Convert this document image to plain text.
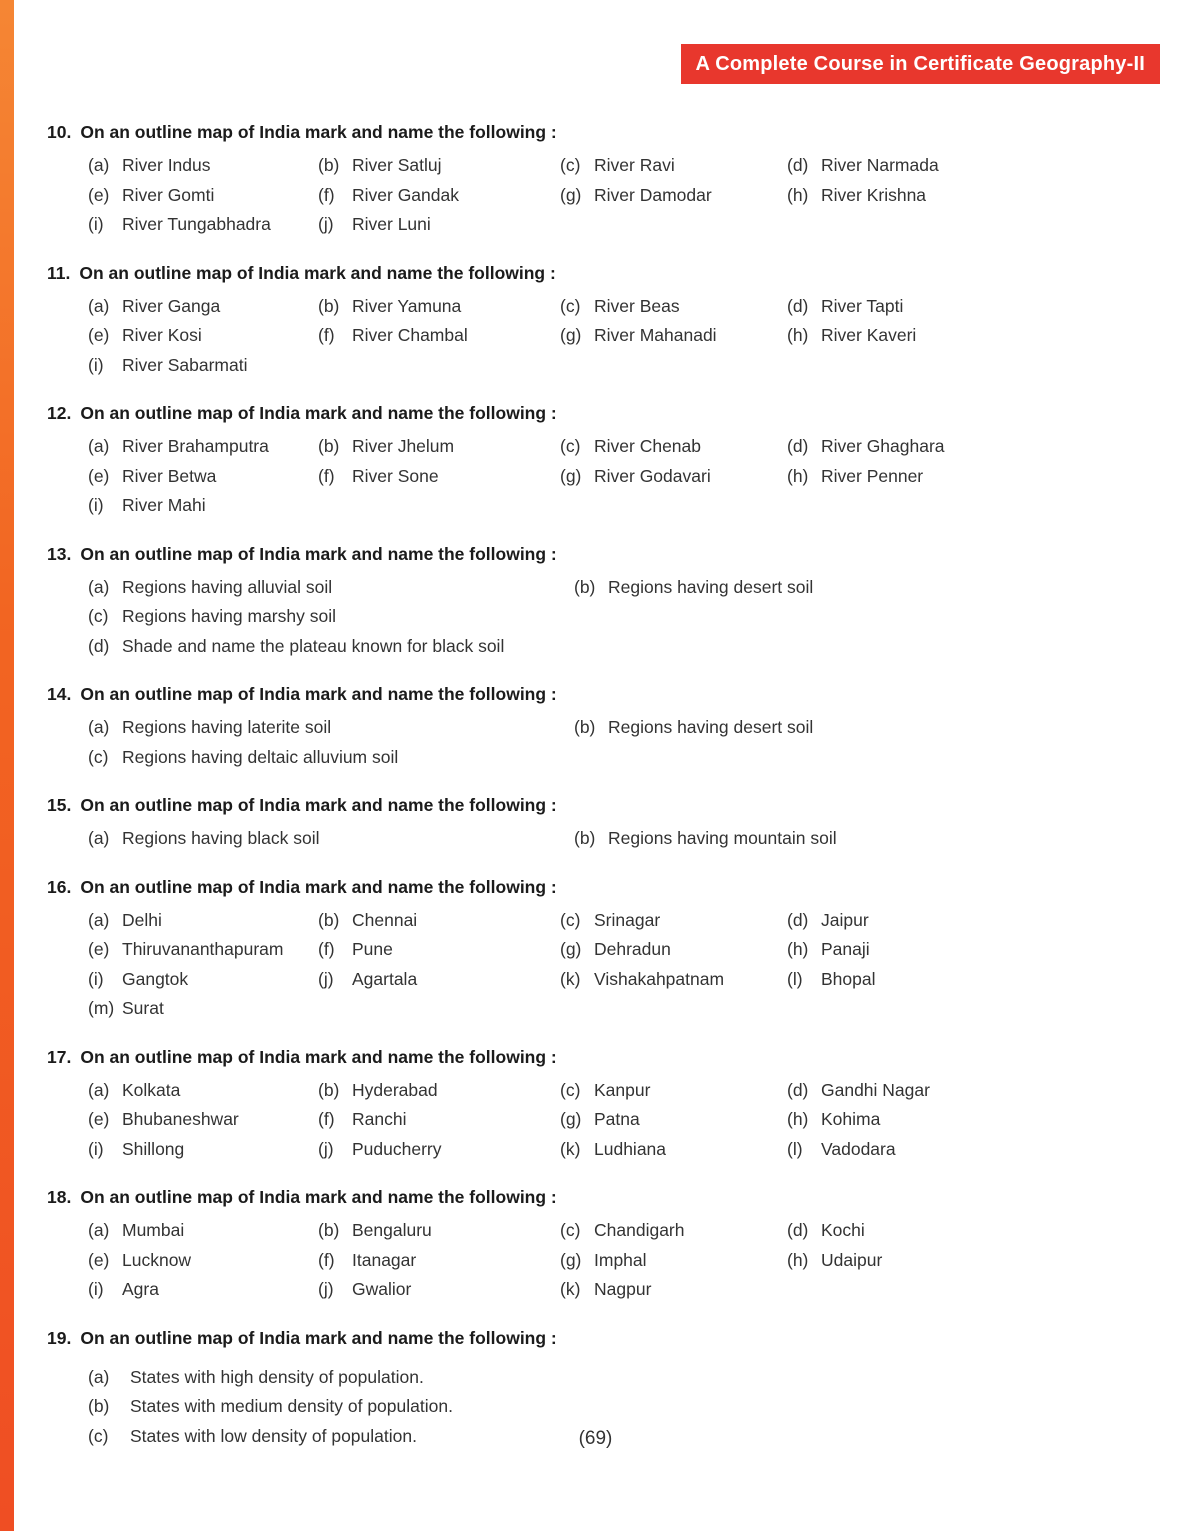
A Complete Course in Certificate Geography-II
10. On an outline map of India mark and name the following :
(a) River Indus	(b) River Satluj	(c) River Ravi	(d) River Narmada
(e) River Gomti	(f) River Gandak	(g) River Damodar	(h) River Krishna
(i) River Tungabhadra	(j) River Luni
11. On an outline map of India mark and name the following :
(a) River Ganga	(b) River Yamuna	(c) River Beas	(d) River Tapti
(e) River Kosi	(f) River Chambal	(g) River Mahanadi	(h) River Kaveri
(i) River Sabarmati
12. On an outline map of India mark and name the following :
(a) River Brahamputra	(b) River Jhelum	(c) River Chenab	(d) River Ghaghara
(e) River Betwa	(f) River Sone	(g) River Godavari	(h) River Penner
(i) River Mahi
13. On an outline map of India mark and name the following :
(a) Regions having alluvial soil	(b) Regions having desert soil
(c) Regions having marshy soil
(d) Shade and name the plateau known for black soil
14. On an outline map of India mark and name the following :
(a) Regions having laterite soil	(b) Regions having desert soil
(c) Regions having deltaic alluvium soil
15. On an outline map of India mark and name the following :
(a) Regions having black soil	(b) Regions having mountain soil
16. On an outline map of India mark and name the following :
(a) Delhi	(b) Chennai	(c) Srinagar	(d) Jaipur
(e) Thiruvananthapuram	(f) Pune	(g) Dehradun	(h) Panaji
(i) Gangtok	(j) Agartala	(k) Vishakahpatnam	(l) Bhopal
(m) Surat
17. On an outline map of India mark and name the following :
(a) Kolkata	(b) Hyderabad	(c) Kanpur	(d) Gandhi Nagar
(e) Bhubaneshwar	(f) Ranchi	(g) Patna	(h) Kohima
(i) Shillong	(j) Puducherry	(k) Ludhiana	(l) Vadodara
18. On an outline map of India mark and name the following :
(a) Mumbai	(b) Bengaluru	(c) Chandigarh	(d) Kochi
(e) Lucknow	(f) Itanagar	(g) Imphal	(h) Udaipur
(i) Agra	(j) Gwalior	(k) Nagpur
19. On an outline map of India mark and name the following :
(a) States with high density of population.
(b) States with medium density of population.
(c) States with low density of population.	(69)
